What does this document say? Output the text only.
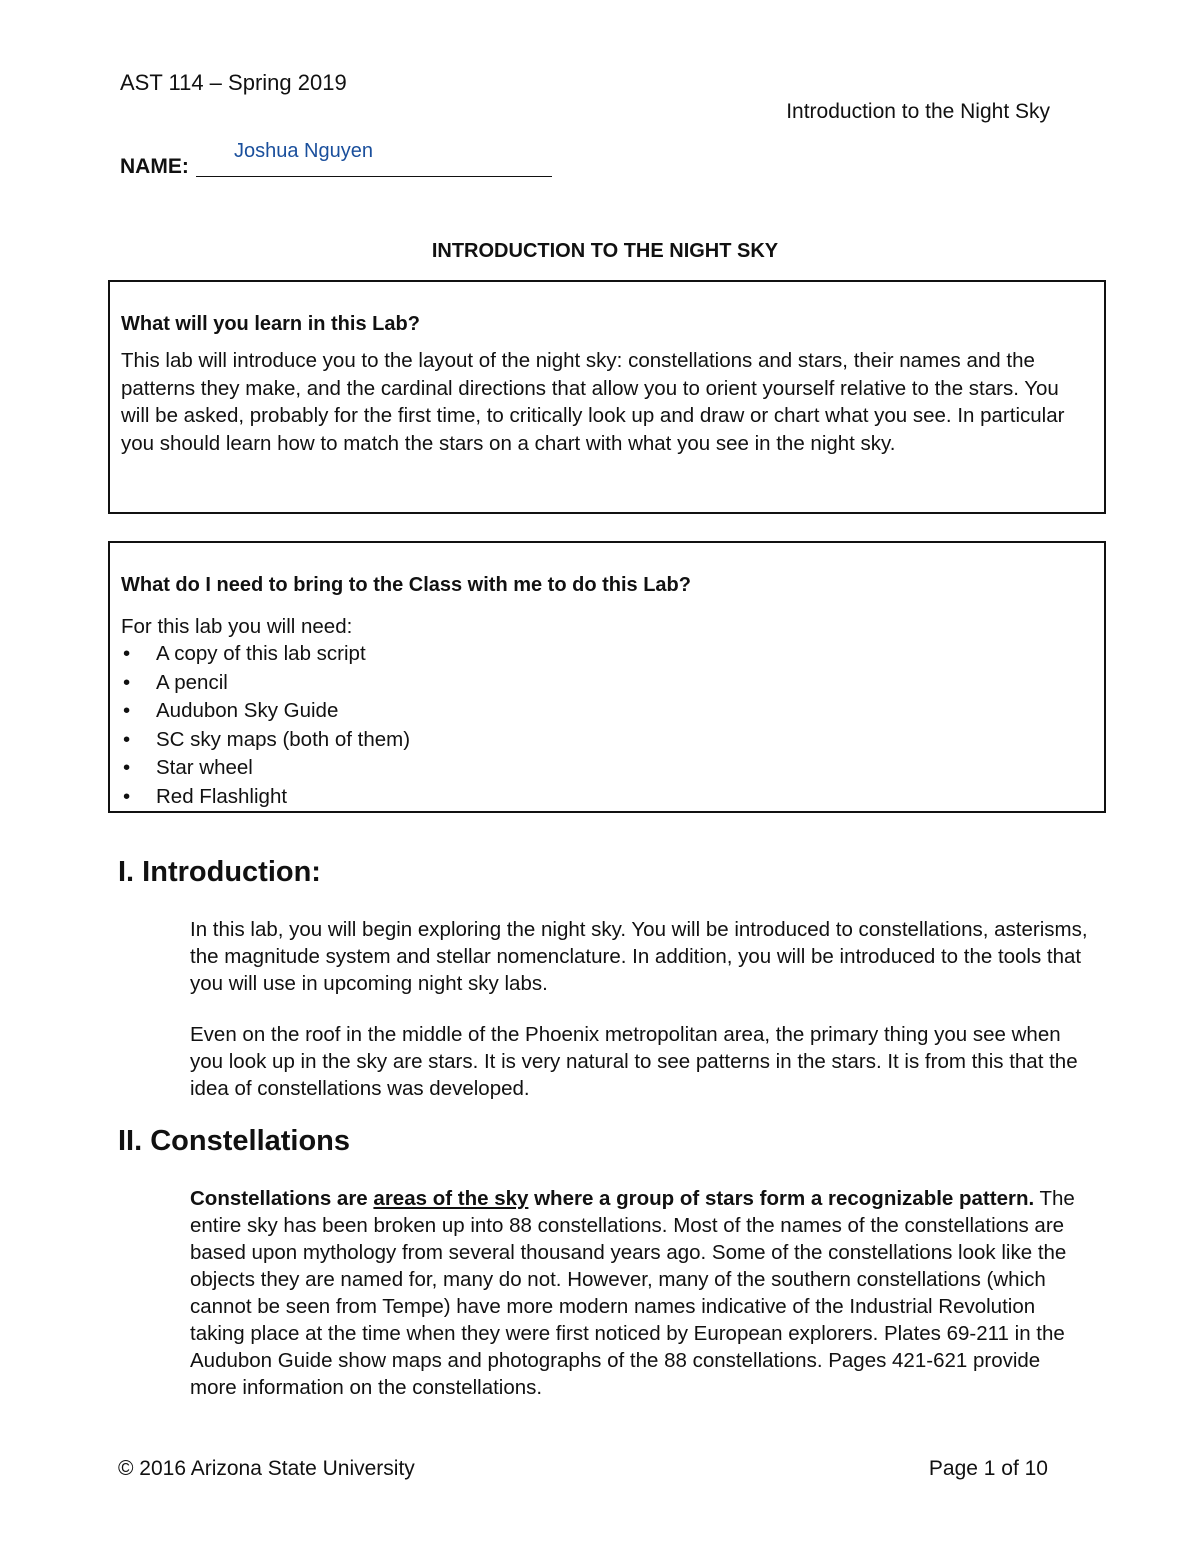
AST 114 – Spring 2019
Introduction to the Night Sky
NAME:
Joshua Nguyen
INTRODUCTION TO THE NIGHT SKY
What will you learn in this Lab?
This lab will introduce you to the layout of the night sky: constellations and stars, their names and the patterns they make, and the cardinal directions that allow you to orient yourself relative to the stars. You will be asked, probably for the first time, to critically look up and draw or chart what you see. In particular you should learn how to match the stars on a chart with what you see in the night sky.
What do I need to bring to the Class with me to do this Lab?
For this lab you will need:
• A copy of this lab script
• A pencil
• Audubon Sky Guide
• SC sky maps (both of them)
• Star wheel
• Red Flashlight
I. Introduction:
In this lab, you will begin exploring the night sky. You will be introduced to constellations, asterisms, the magnitude system and stellar nomenclature. In addition, you will be introduced to the tools that you will use in upcoming night sky labs.
Even on the roof in the middle of the Phoenix metropolitan area, the primary thing you see when you look up in the sky are stars. It is very natural to see patterns in the stars. It is from this that the idea of constellations was developed.
II. Constellations
Constellations are areas of the sky where a group of stars form a recognizable pattern. The entire sky has been broken up into 88 constellations. Most of the names of the constellations are based upon mythology from several thousand years ago. Some of the constellations look like the objects they are named for, many do not. However, many of the southern constellations (which cannot be seen from Tempe) have more modern names indicative of the Industrial Revolution taking place at the time when they were first noticed by European explorers. Plates 69-211 in the Audubon Guide show maps and photographs of the 88 constellations. Pages 421-621 provide more information on the constellations.
© 2016 Arizona State University	Page 1 of 10
